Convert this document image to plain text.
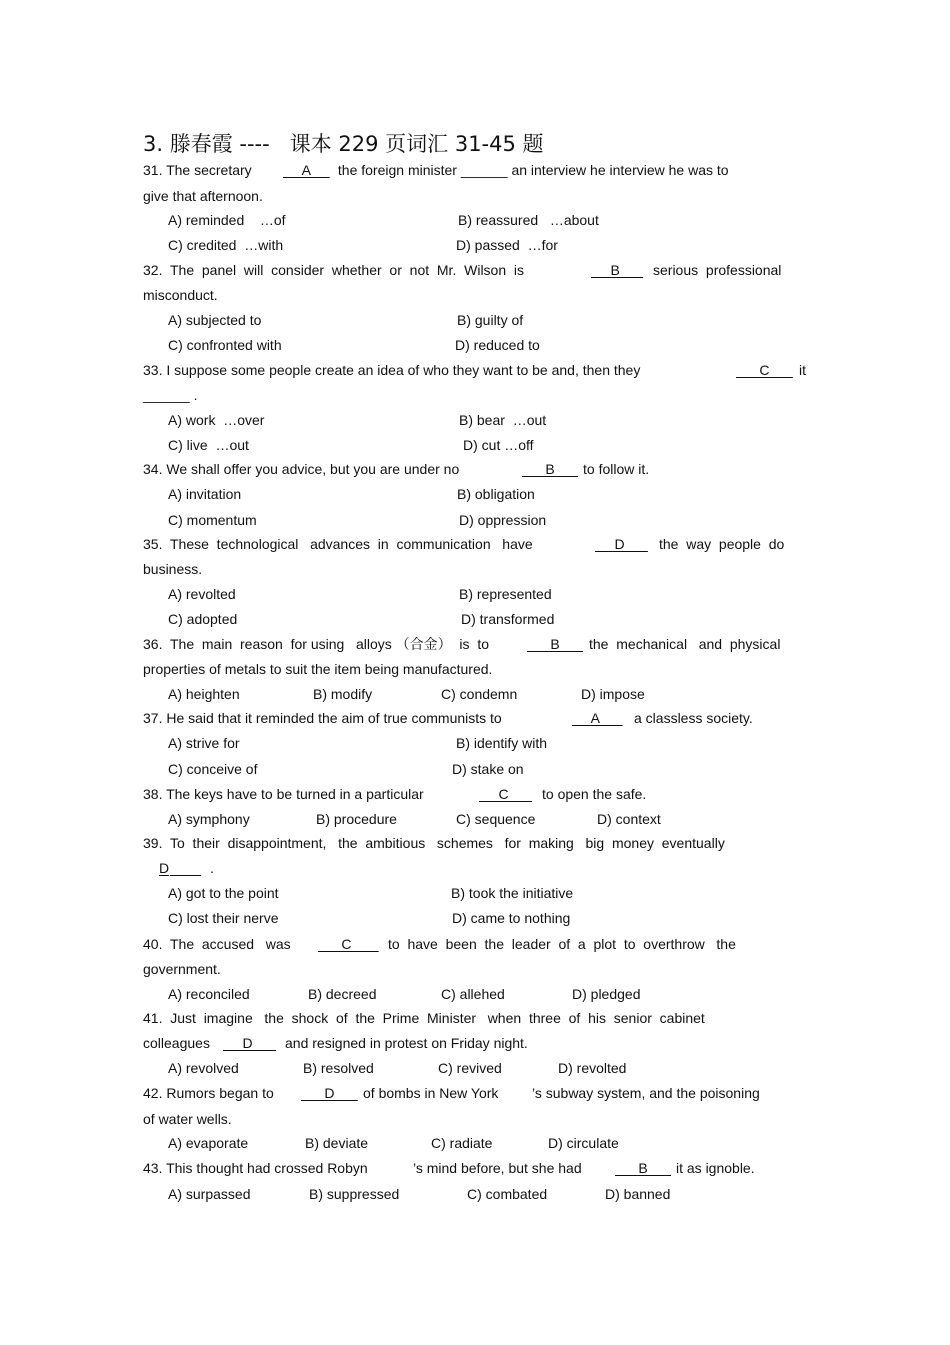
3. 滕春霞 ----   课本 229 页词汇 31-45 题
31. The secretary A the foreign minister ______ an interview he interview he was to
give that afternoon.
A) reminded    …of	B) reassured   …about
C) credited  …with	D) passed  …for
32.  The  panel  will  consider  whether  or  not  Mr.  Wilson  is	B serious  professional
misconduct.
A) subjected to	B) guilty of
C) confronted with	D) reduced to
33. I suppose some people create an idea of who they want to be and, then they	C it
______ .
A) work  …over	B) bear  …out
C) live  …out	D) cut …off
34. We shall offer you advice, but you are under no	B to follow it.
A) invitation	B) obligation
C) momentum	D) oppression
35.  These  technological   advances  in  communication   have	D the  way  people  do
business.
A) revolted	B) represented
C) adopted	D) transformed
36.  The  main  reason  for using   alloys （合金）  is  to	B the  mechanical   and  physical
properties of metals to suit the item being manufactured.
A) heighten	B) modify	C) condemn	D) impose
37. He said that it reminded the aim of true communists to	A a classless society.
A) strive for	B) identify with
C) conceive of	D) stake on
38. The keys have to be turned in a particular	C to open the safe.
A) symphony	B) procedure	C) sequence	D) context
39.  To  their  disappointment,   the  ambitious   schemes   for  making   big  money  eventually
D
	.
A) got to the point	B) took the initiative
C) lost their nerve	D) came to nothing
40.  The  accused   was C to  have  been  the  leader  of  a  plot  to  overthrow   the
government.
A) reconciled	B) decreed	C) allehed	D) pledged
41.  Just  imagine   the  shock  of  the  Prime  Minister   when  three  of  his  senior  cabinet
colleagues D and resigned in protest on Friday night.
A) revolved	B) resolved	C) revived	D) revolted
42. Rumors began to D of bombs in New York ’s subway system, and the poisoning
of water wells.
A) evaporate	B) deviate	C) radiate	D) circulate
43. This thought had crossed Robyn	’s mind before, but she had B it as ignoble.
A) surpassed	B) suppressed	C) combated	D) banned
